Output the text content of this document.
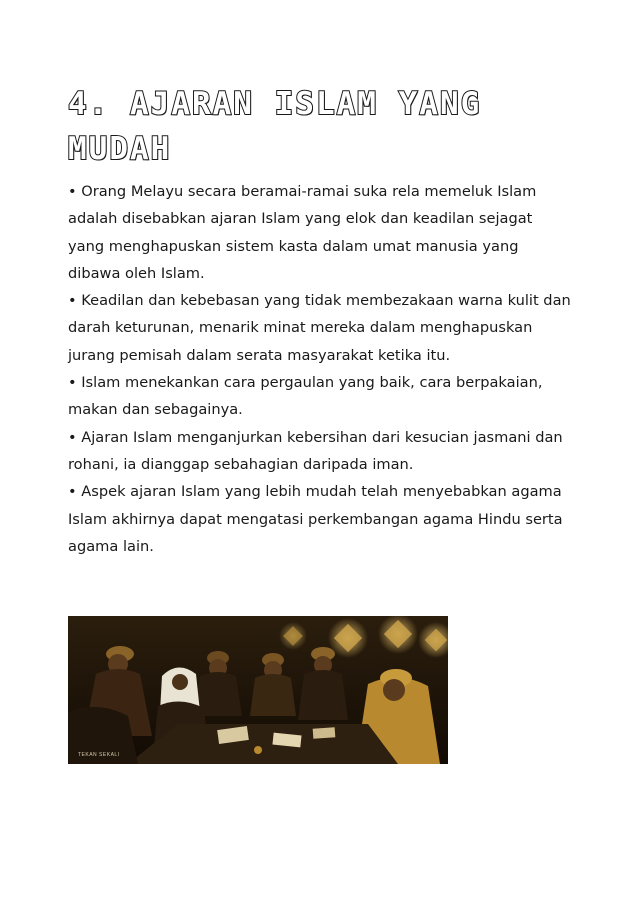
4. AJARAN ISLAM YANG MUDAH

• Orang Melayu secara beramai-ramai suka rela memeluk Islam adalah disebabkan ajaran Islam yang elok dan keadilan sejagat yang menghapuskan sistem kasta dalam umat manusia yang dibawa oleh Islam.

• Keadilan dan kebebasan yang tidak membezakaan warna kulit dan darah keturunan, menarik minat mereka dalam menghapuskan jurang pemisah dalam serata masyarakat ketika itu.

• Islam menekankan cara pergaulan yang baik, cara berpakaian, makan dan sebagainya.

• Ajaran Islam menganjurkan kebersihan dari kesucian jasmani dan rohani, ia dianggap sebahagian daripada iman.

• Aspek ajaran Islam yang lebih mudah telah menyebabkan agama Islam akhirnya dapat mengatasi perkembangan agama Hindu serta agama lain.

TEKAN SEKALI
